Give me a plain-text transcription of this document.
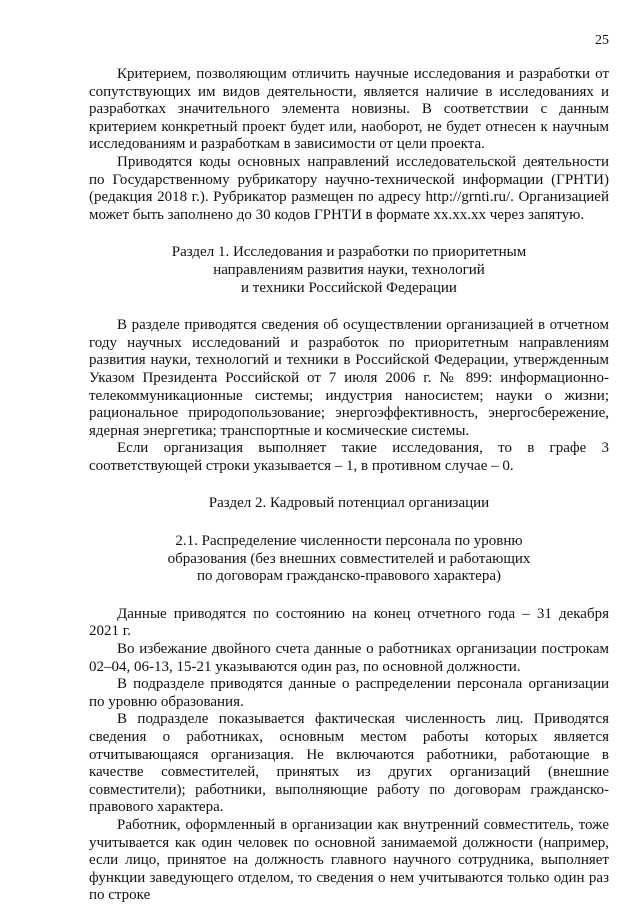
25

Критерием, позволяющим отличить научные исследования и разработки от сопутствующих им видов деятельности, является наличие в исследованиях и разработках значительного элемента новизны. В соответствии с данным критерием конкретный проект будет или, наоборот, не будет отнесен к научным исследованиям и разработкам в зависимости от цели проекта.

Приводятся коды основных направлений исследовательской деятельности по Государственному рубрикатору научно-технической информации (ГРНТИ) (редакция 2018 г.). Рубрикатор размещен по адресу http://grnti.ru/. Организацией может быть заполнено до 30 кодов ГРНТИ в формате хх.хх.хх через запятую.

Раздел 1. Исследования и разработки по приоритетным
направлениям развития науки, технологий
и техники Российской Федерации

В разделе приводятся сведения об осуществлении организацией в отчетном году научных исследований и разработок по приоритетным направлениям развития науки, технологий и техники в Российской Федерации, утвержденным Указом Президента Российской от 7 июля 2006 г. № 899: информационно-телекоммуникационные системы; индустрия наносистем; науки о жизни; рациональное природопользование; энергоэффективность, энергосбережение, ядерная энергетика; транспортные и космические системы.

Если организация выполняет такие исследования, то в графе 3 соответствующей строки указывается – 1, в противном случае – 0.

Раздел 2. Кадровый потенциал организации
2.1. Распределение численности персонала по уровню
образования (без внешних совместителей и работающих
по договорам гражданско-правового характера)

Данные приводятся по состоянию на конец отчетного года – 31 декабря 2021 г.

Во избежание двойного счета данные о работниках организации построкам 02–04, 06-13, 15-21 указываются один раз, по основной должности.

В подразделе приводятся данные о распределении персонала организации по уровню образования.

В подразделе показывается фактическая численность лиц. Приводятся сведения о работниках, основным местом работы которых является отчитывающаяся организация. Не включаются работники, работающие в качестве совместителей, принятых из других организаций (внешние совместители); работники, выполняющие работу по договорам гражданско-правового характера.

Работник, оформленный в организации как внутренний совместитель, тоже учитывается как один человек по основной занимаемой должности (например, если лицо, принятое на должность главного научного сотрудника, выполняет функции заведующего отделом, то сведения о нем учитываются только один раз по строке
